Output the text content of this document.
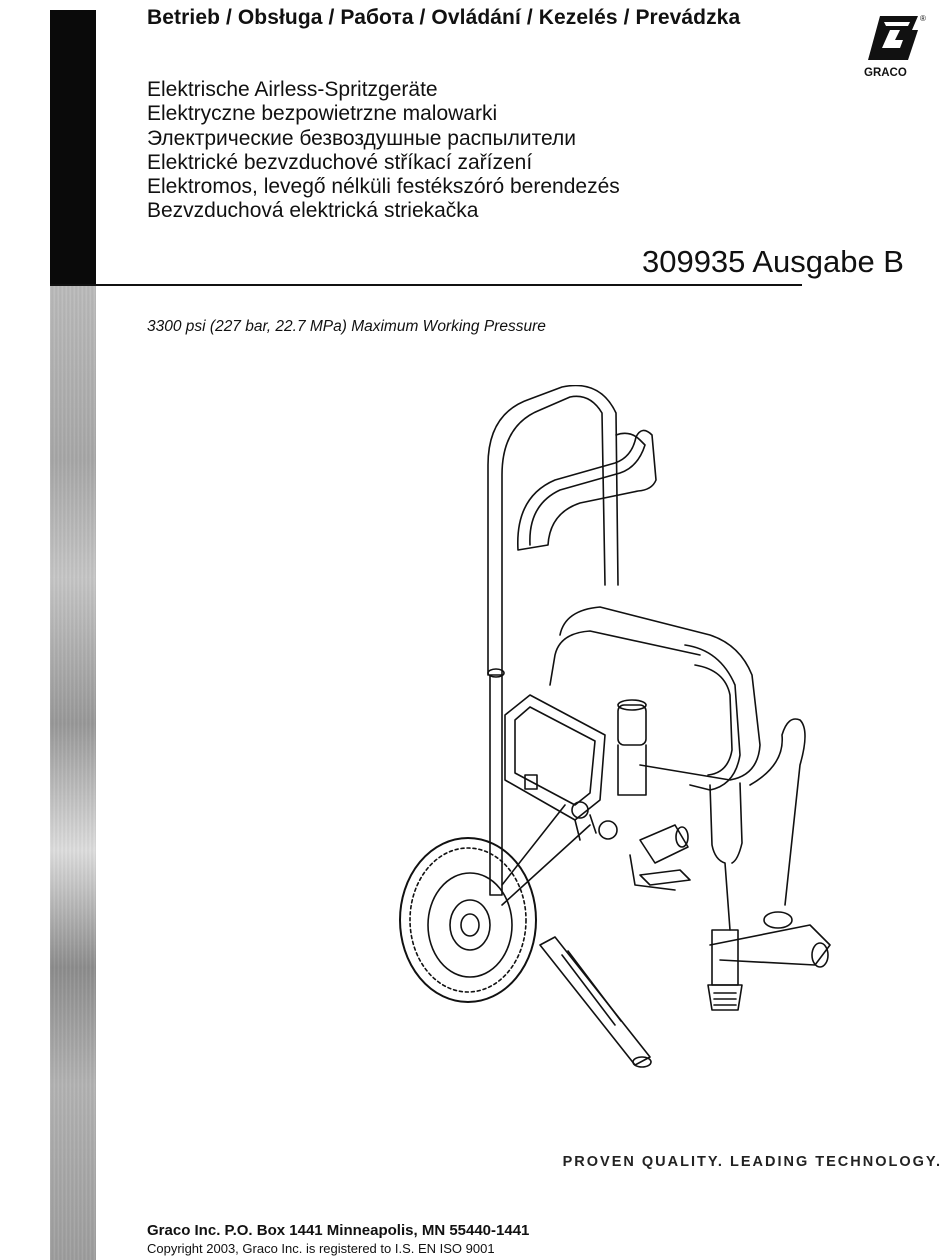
Betrieb / Obsługa / Работа / Ovládání / Kezelés / Prevádzka	®
GRACO
Elektrische Airless-Spritzgeräte
Elektryczne bezpowietrzne malowarki
Электрические безвоздушные распылители
Elektrické bezvzduchové stříkací zařízení
Elektromos, levegő nélküli festékszóró berendezés
Bezvzduchová elektrická striekačka
309935 Ausgabe B
3300 psi (227 bar, 22.7 MPa) Maximum Working Pressure
PROVEN QUALITY. LEADING TECHNOLOGY.
Graco Inc. P.O. Box 1441 Minneapolis, MN 55440-1441
Copyright 2003, Graco Inc. is registered to I.S. EN ISO 9001
